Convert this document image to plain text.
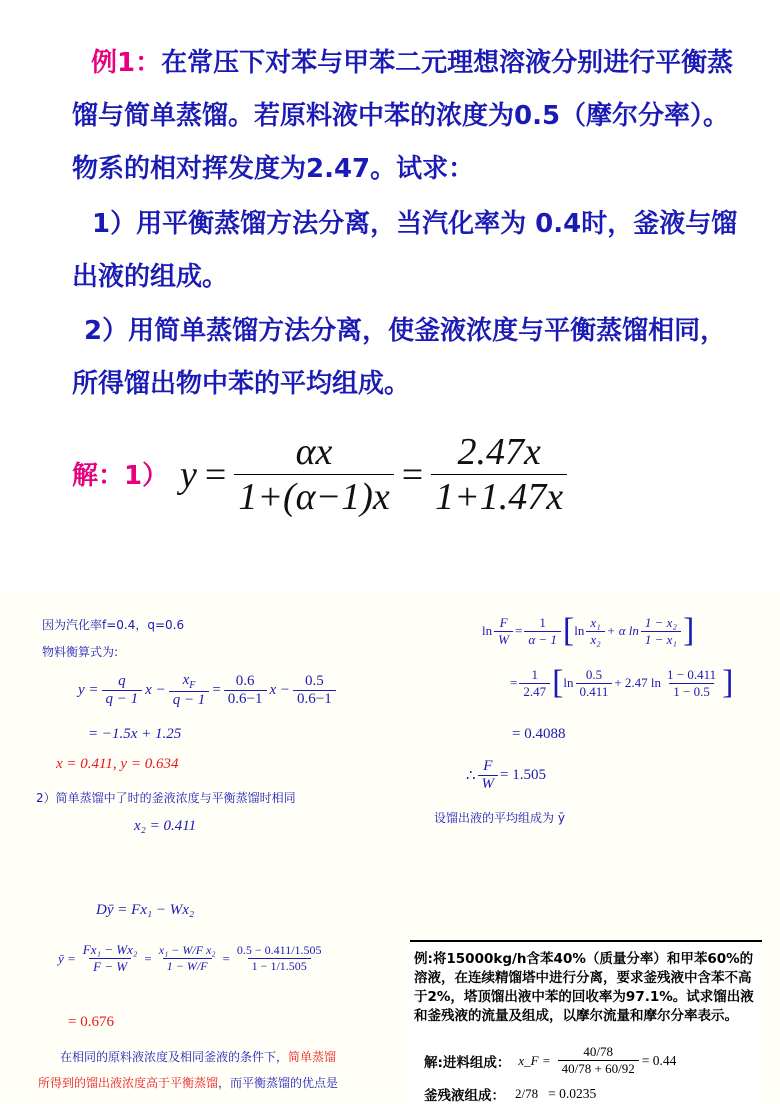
例1：在常压下对苯与甲苯二元理想溶液分别进行平衡蒸
馏与简单蒸馏。若原料液中苯的浓度为0.5（摩尔分率）。
物系的相对挥发度为2.47。试求：
1）用平衡蒸馏方法分离，当汽化率为 0.4时，釜液与馏
出液的组成。
2）用简单蒸馏方法分离，使釜液浓度与平衡蒸馏相同，
所得馏出物中苯的平均组成。
解：1） $y = \frac{\alpha x}{1+(\alpha-1)x} = \frac{2.47x}{1+1.47x}$
因为汽化率f=0.4，q=0.6
物料衡算式为:
$y = \frac{q}{q - 1}$ $x - \frac{x_F}{q - 1} = \frac{0.6}{0.6-1}$ $x - \frac{0.5}{0.6-1}$
= −1.5x + 1.25
x = 0.411, y = 0.634
2）简单蒸馏中了时的釜液浓度与平衡蒸馏时相同
x₂ = 0.411
Dȳ = Fx₁ − Wx₂
ȳ = $\frac{\text{Fx₁ − Wx₂}}{F - W} = \frac{\text{x₁ − W/F x₂}}{1 - W/F} = \frac{0.5 - 0.411/1.505}{1 - 1/1.505}$
= 0.676
在相同的原料液浓度及相同釜液的条件下，简单蒸馏
所得到的馏出液浓度高于平衡蒸馏，而平衡蒸馏的优点是
$\ln \frac{F}{W} = \frac{1}{\alpha - 1}$ [ $\ln \frac{\text{x₁}}{\text{x₂}} + \alpha$ $\ln \frac{\text{1 − x₂}}{\text{1 − x₁}}$ ]
= $\frac{1}{2.47}$ [ $\ln \frac{0.5}{0.411} + 2.47$ $\ln \frac{1 - 0.411}{1 - 0.5}$ ]
= 0.4088
∴ $\frac{F}{W} = 1.505$
设馏出液的平均组成为 ȳ
例:将15000kg/h含苯40%（质量分率）和甲苯60%的溶液，在连续精馏塔中进行分离，要求釜残液中含苯不高于2%，塔顶馏出液中苯的回收率为97.1%。试求馏出液和釜残液的流量及组成，以摩尔流量和摩尔分率表示。
解:进料组成： x_F = $\frac{40/78}{40/78 + 60/92} = 0.44$
釜残液组成： 2/78 = 0.0235
